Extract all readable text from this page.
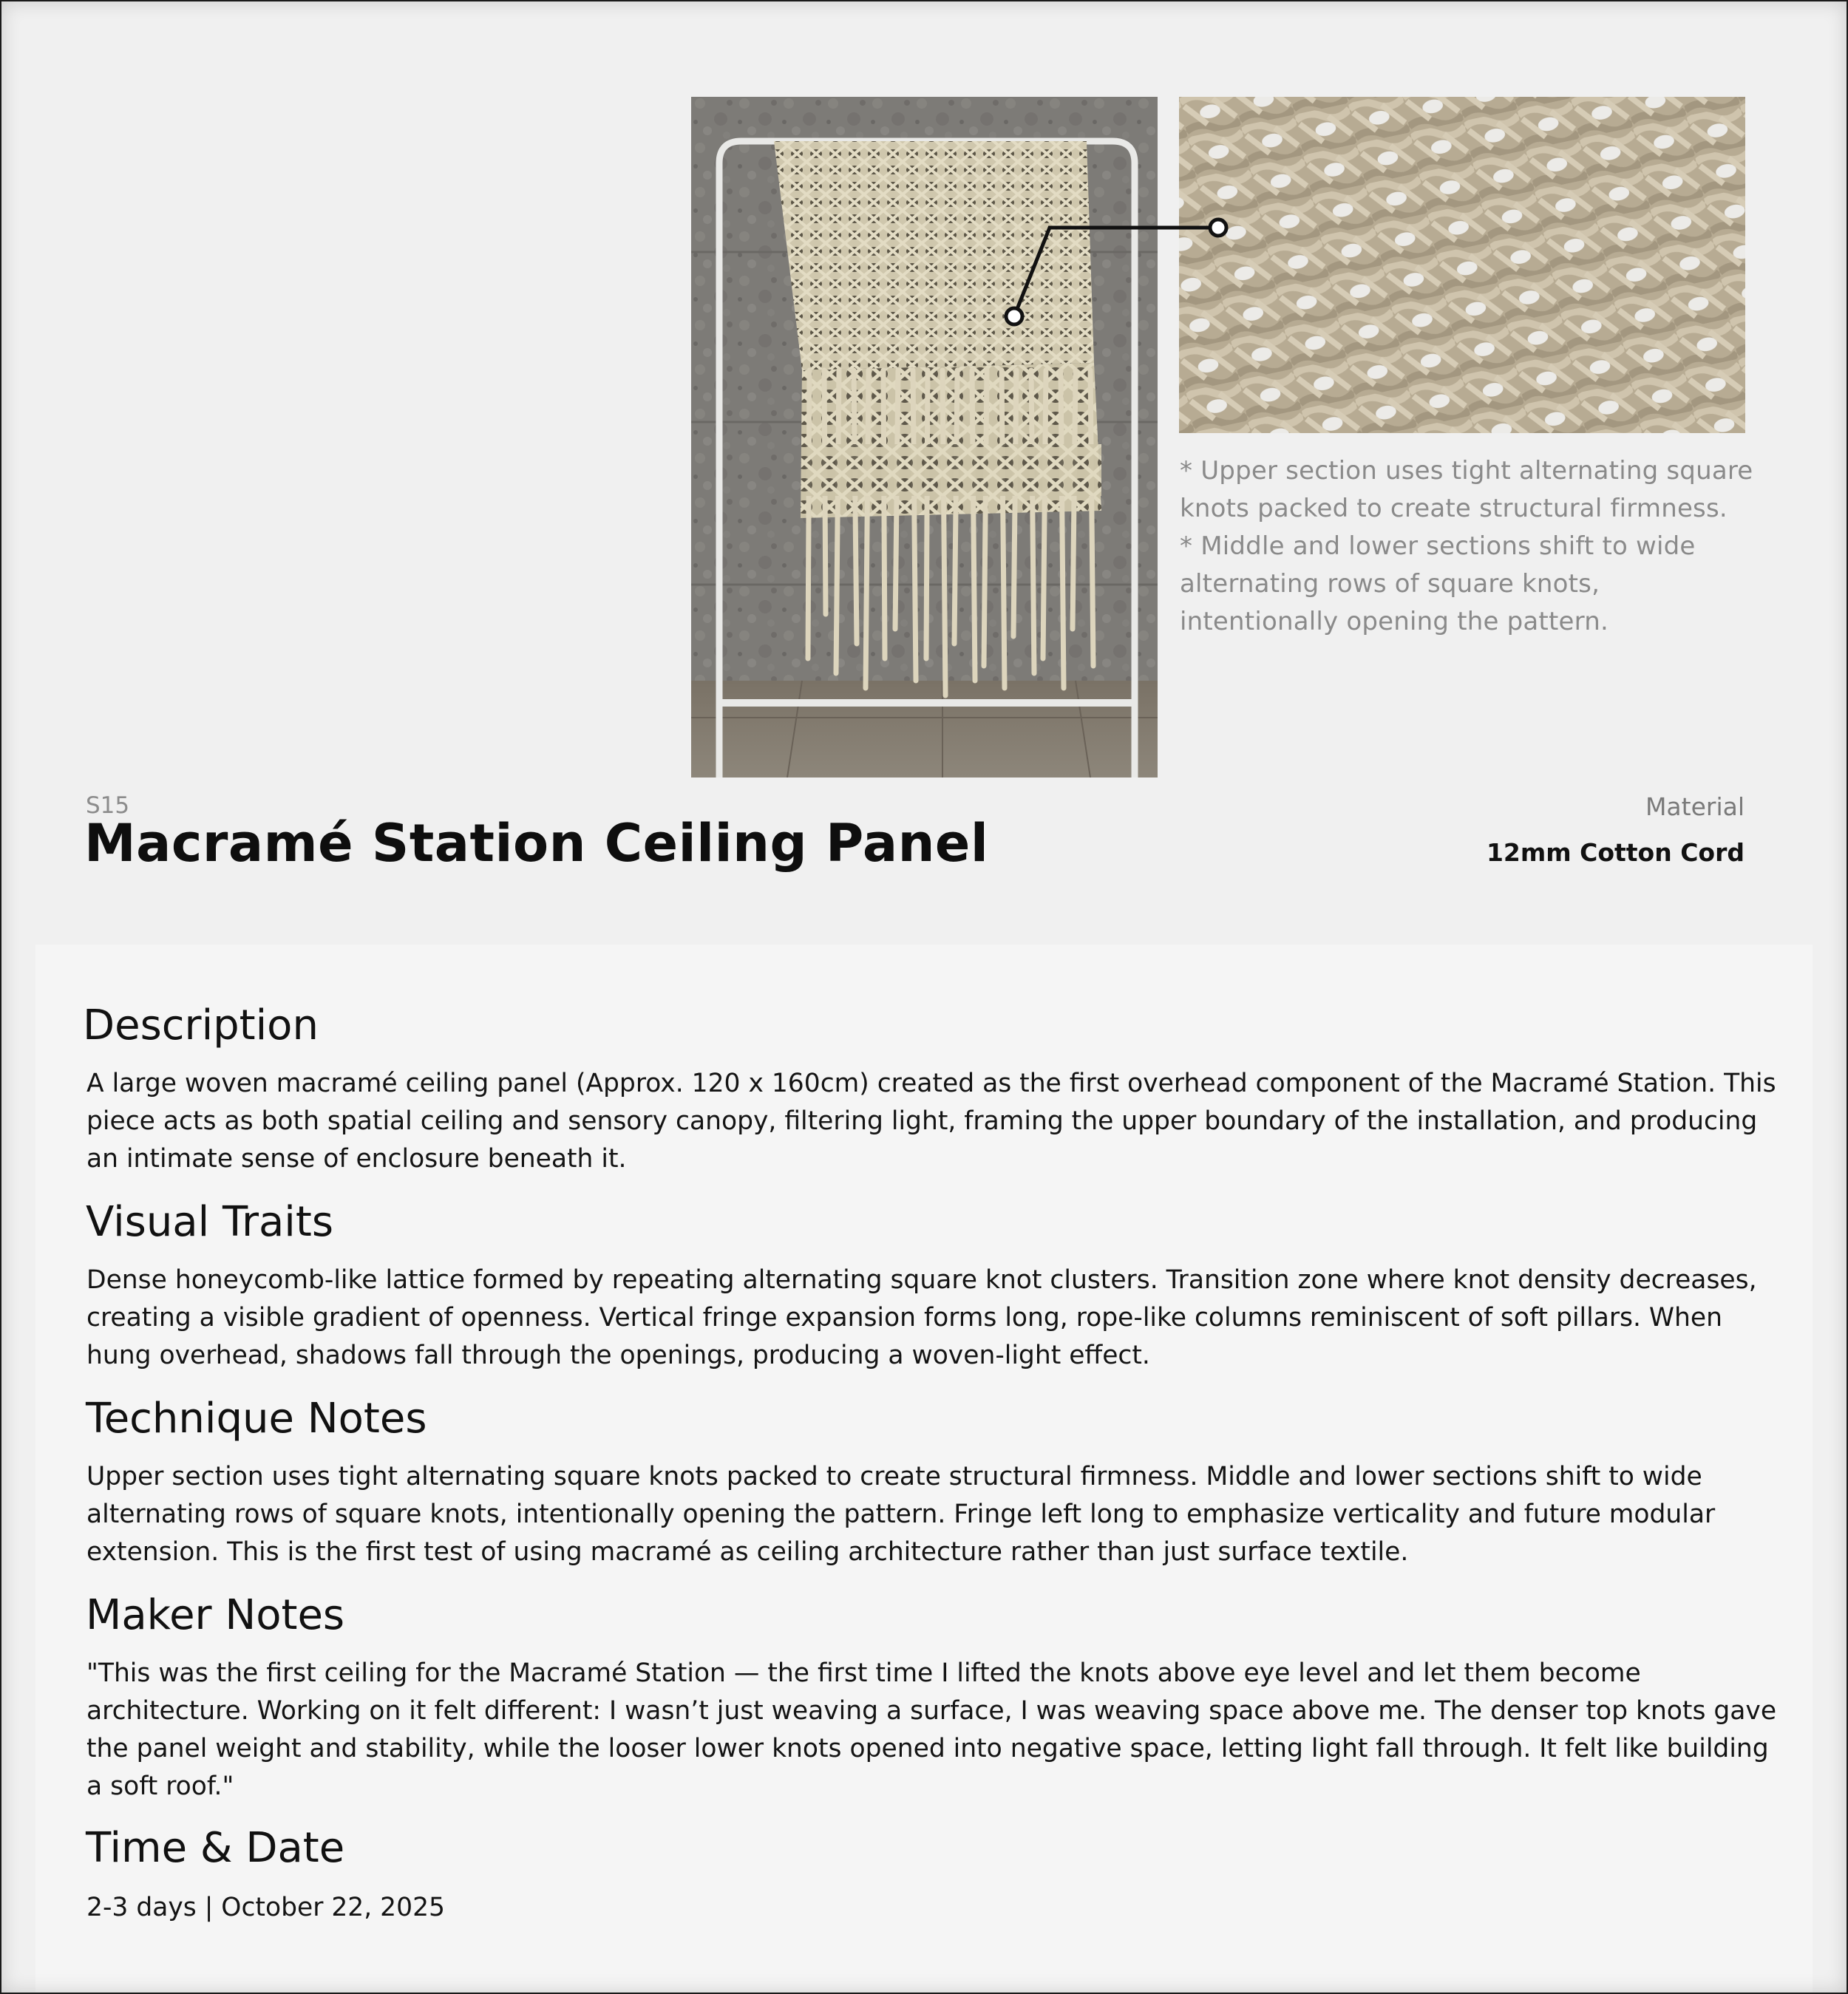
* Upper section uses tight alternating square knots packed to create structural firmness.

* Middle and lower sections shift to wide alternating rows of square knots, intentionally opening the pattern.

S15
Macramé Station Ceiling Panel
Material
12mm Cotton Cord
Description

A large woven macramé ceiling panel (Approx. 120 x 160cm) created as the first overhead component of the Macramé Station. This piece acts as both spatial ceiling and sensory canopy, filtering light, framing the upper boundary of the installation, and producing an intimate sense of enclosure beneath it.

Visual Traits

Dense honeycomb-like lattice formed by repeating alternating square knot clusters. Transition zone where knot density decreases, creating a visible gradient of openness. Vertical fringe expansion forms long, rope-like columns reminiscent of soft pillars. When hung overhead, shadows fall through the openings, producing a woven-light effect.

Technique Notes

Upper section uses tight alternating square knots packed to create structural firmness. Middle and lower sections shift to wide alternating rows of square knots, intentionally opening the pattern. Fringe left long to emphasize verticality and future modular extension. This is the first test of using macramé as ceiling architecture rather than just surface textile.

Maker Notes

"This was the first ceiling for the Macramé Station — the first time I lifted the knots above eye level and let them become architecture. Working on it felt different: I wasn’t just weaving a surface, I was weaving space above me. The denser top knots gave the panel weight and stability, while the looser lower knots opened into negative space, letting light fall through. It felt like building a soft roof."

Time & Date

2-3 days | October 22, 2025
